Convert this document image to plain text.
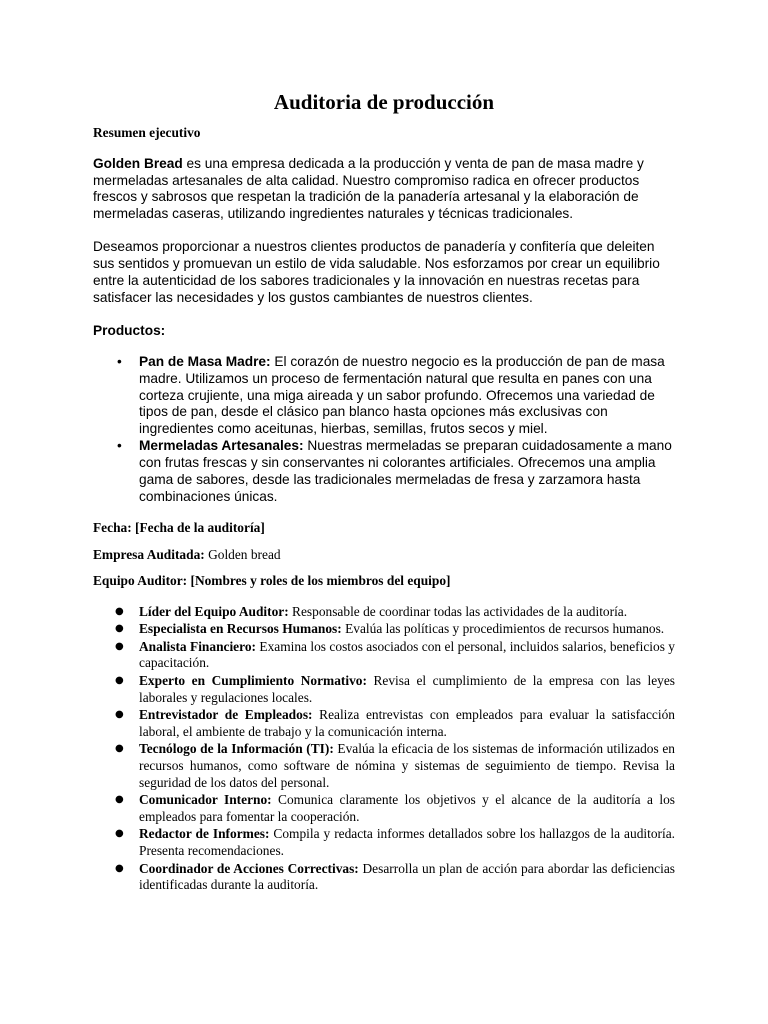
Auditoria de producción
Resumen ejecutivo
Golden Bread es una empresa dedicada a la producción y venta de pan de masa madre y mermeladas artesanales de alta calidad. Nuestro compromiso radica en ofrecer productos frescos y sabrosos que respetan la tradición de la panadería artesanal y la elaboración de mermeladas caseras, utilizando ingredientes naturales y técnicas tradicionales.
Deseamos proporcionar a nuestros clientes productos de panadería y confitería que deleiten sus sentidos y promuevan un estilo de vida saludable. Nos esforzamos por crear un equilibrio entre la autenticidad de los sabores tradicionales y la innovación en nuestras recetas para satisfacer las necesidades y los gustos cambiantes de nuestros clientes.
Productos:
• Pan de Masa Madre: El corazón de nuestro negocio es la producción de pan de masa madre. Utilizamos un proceso de fermentación natural que resulta en panes con una corteza crujiente, una miga aireada y un sabor profundo. Ofrecemos una variedad de tipos de pan, desde el clásico pan blanco hasta opciones más exclusivas con ingredientes como aceitunas, hierbas, semillas, frutos secos y miel.
• Mermeladas Artesanales: Nuestras mermeladas se preparan cuidadosamente a mano con frutas frescas y sin conservantes ni colorantes artificiales. Ofrecemos una amplia gama de sabores, desde las tradicionales mermeladas de fresa y zarzamora hasta combinaciones únicas.
Fecha: [Fecha de la auditoría]
Empresa Auditada: Golden bread
Equipo Auditor: [Nombres y roles de los miembros del equipo]
● Líder del Equipo Auditor: Responsable de coordinar todas las actividades de la auditoría.
● Especialista en Recursos Humanos: Evalúa las políticas y procedimientos de recursos humanos.
● Analista Financiero: Examina los costos asociados con el personal, incluidos salarios, beneficios y capacitación.
● Experto en Cumplimiento Normativo: Revisa el cumplimiento de la empresa con las leyes laborales y regulaciones locales.
● Entrevistador de Empleados: Realiza entrevistas con empleados para evaluar la satisfacción laboral, el ambiente de trabajo y la comunicación interna.
● Tecnólogo de la Información (TI): Evalúa la eficacia de los sistemas de información utilizados en recursos humanos, como software de nómina y sistemas de seguimiento de tiempo. Revisa la seguridad de los datos del personal.
● Comunicador Interno: Comunica claramente los objetivos y el alcance de la auditoría a los empleados para fomentar la cooperación.
● Redactor de Informes: Compila y redacta informes detallados sobre los hallazgos de la auditoría. Presenta recomendaciones.
● Coordinador de Acciones Correctivas: Desarrolla un plan de acción para abordar las deficiencias identificadas durante la auditoría.
